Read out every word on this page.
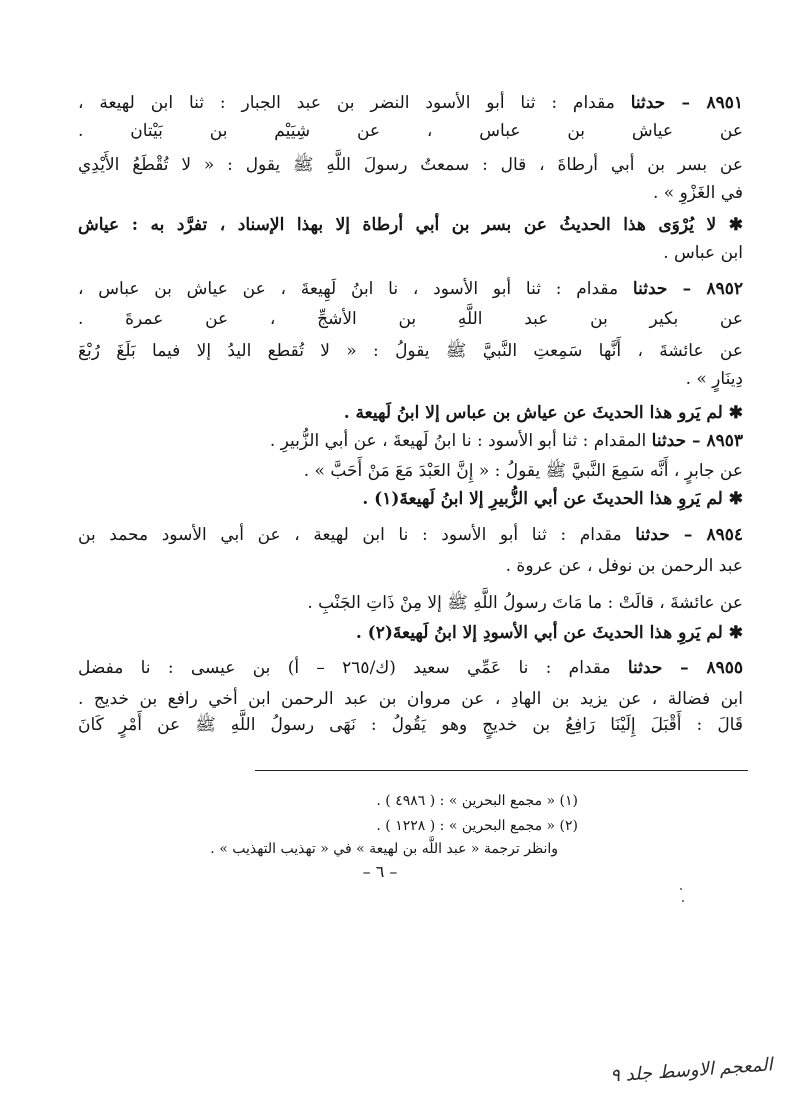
٨٩٥١ – حدثنا مقدام : ثنا أبو الأسود النضر بن عبد الجبار : ثنا ابن لهيعة ،
عن عياش بن عباس ، عن شِيَيْم بن بَيْتان .
عن بسر بن أبي أرطاةَ ، قال : سمعتُ رسولَ اللَّهِ ﷺ يقول : « لا تُقْطَعُ الأَيْدِي
في الغَزْوِ » .
✱ لا يُرْوَى هذا الحديثُ عن بسر بن أبي أرطاة إلا بهذا الإسناد ، تفرَّد به : عياش
ابن عباس .
٨٩٥٢ – حدثنا مقدام : ثنا أبو الأسود ، نا ابنُ لَهِيعةَ ، عن عياش بن عباس ،
عن بكير بن عبد اللَّهِ بن الأشجِّ ، عن عمرةَ .
عن عائشةَ ، أَنَّها سَمِعتِ النَّبيَّ ﷺ يقولُ : « لا تُقطع اليدُ إلا فيما بَلَغَ رُبْعَ
دِينَارٍ » .
✱ لم يَرو هذا الحديثَ عن عياش بن عباس إلا ابنُ لَهيعة .
٨٩٥٣ – حدثنا المقدام : ثنا أبو الأسود : نا ابنُ لَهيعةَ ، عن أبي الزُّبيرِ .
عن جابرٍ ، أَنَّه سَمِعَ النَّبيَّ ﷺ يقولُ : « إِنَّ العَبْدَ مَعَ مَنْ أَحَبَّ » .
✱ لم يَروِ هذا الحديثَ عن أبي الزُّبيرِ إلا ابنُ لَهيعةَ(١) .
٨٩٥٤ – حدثنا مقدام : ثنا أبو الأسود : نا ابن لهيعة ، عن أبي الأسود محمد بن
عبد الرحمن بن نوفل ، عن عروة .
عن عائشةَ ، قالَتْ : ما مَاتَ رسولُ اللَّهِ ﷺ إلا مِنْ ذَاتِ الجَنْبِ .
✱ لم يَروِ هذا الحديثَ عن أبي الأسودِ إلا ابنُ لَهيعةَ(٢) .
٨٩٥٥ – حدثنا مقدام : نا عَمِّي سعيد (ك/٢٦٥ – أ) بن عيسى : نا مفضل
ابن فضالة ، عن يزيد بن الهادِ ، عن مروان بن عبد الرحمن ابن أخي رافع بن خديج .
قَالَ : أَقْبَلَ إِلَيْنَا رَافِعُ بن خديجٍ وهو يَقُولُ : نَهَى رسولُ اللَّهِ ﷺ عن أَمْرٍ كَانَ
(١) « مجمع البحرين » : ( ٤٩٨٦ ) .
(٢) « مجمع البحرين » : ( ١٢٢٨ ) .
وانظر ترجمة « عبد اللَّه بن لهيعة » في « تهذيب التهذيب » .
– ٦ –
المعجم الاوسط جلد ٩
